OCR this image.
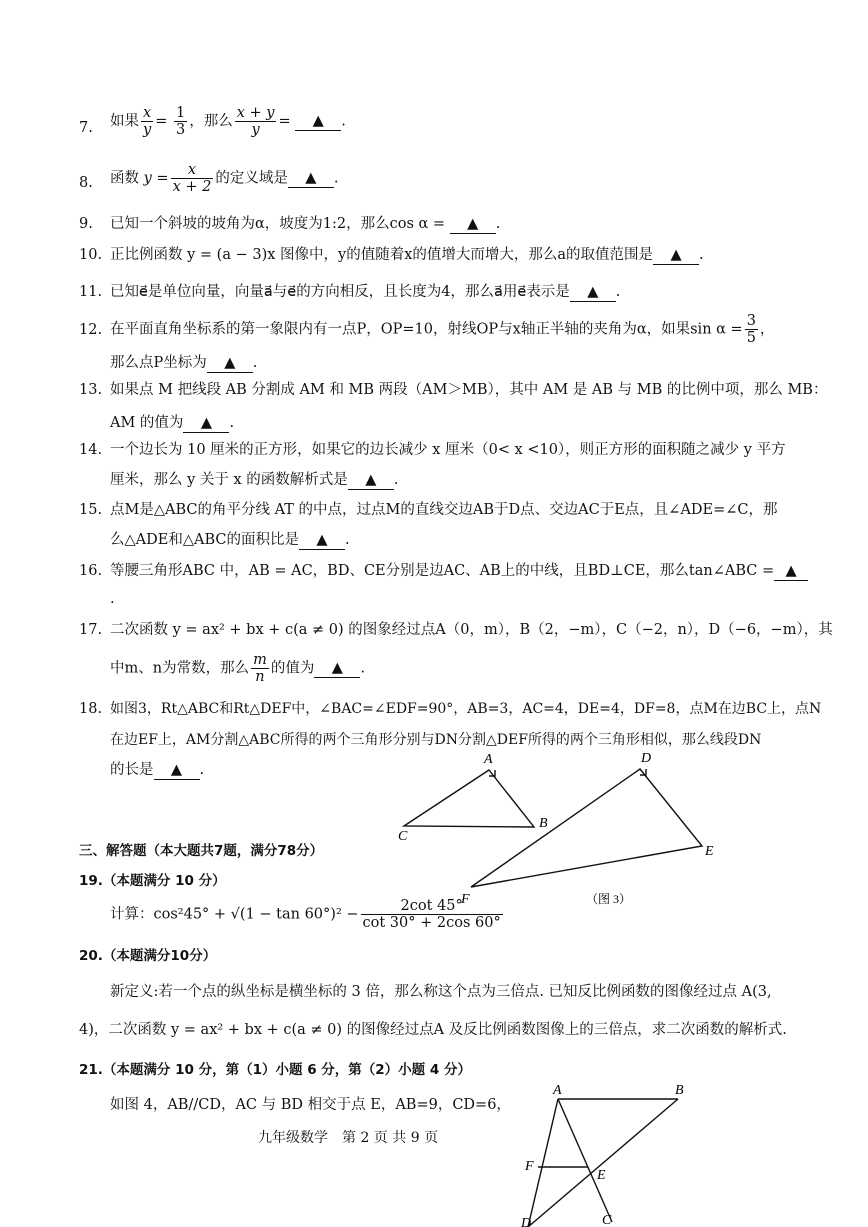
7. 如果 $\frac{x}{y} = \frac{1}{3}$ ，那么 $\frac{x + y}{y}$ = ▲ .
8. 函数 $y = \frac{x}{x + 2}$ 的定义域是 ▲ .
9. 已知一个斜坡的坡角为α，坡度为1:2，那么cos α = ▲ .
10. 正比例函数 y = (a − 3)x 图像中，y的值随着x的值增大而增大，那么a的取值范围是 ▲ .
11. 已知e⃗是单位向量，向量a⃗与e⃗的方向相反，且长度为4，那么a⃗用e⃗表示是 ▲ .
12. 在平面直角坐标系的第一象限内有一点P，OP=10，射线OP与x轴正半轴的夹角为α，如果$\sin \alpha = \frac{3}{5}$ ，
那么点P坐标为 ▲ .
13. 如果点 M 把线段 AB 分割成 AM 和 MB 两段（AM＞MB），其中 AM 是 AB 与 MB 的比例中项，那么 MB：
AM 的值为 ▲ .
14. 一个边长为 10 厘米的正方形，如果它的边长减少 x 厘米（0< x <10），则正方形的面积随之减少 y 平方
厘米，那么 y 关于 x 的函数解析式是 ▲ .
15. 点M是△ABC的角平分线 AT 的中点，过点M的直线交边AB于D点、交边AC于E点，且∠ADE=∠C，那
么△ADE和△ABC的面积比是 ▲ .
16. 等腰三角形ABC 中，AB = AC，BD、CE分别是边AC、AB上的中线，且BD⊥CE，那么tan∠ABC = ▲
.
17. 二次函数 y = ax² + bx + c(a ≠ 0) 的图象经过点A（0，m），B（2，−m），C（−2，n），D（−6，−m），其
中m、n为常数，那么 $\frac{m}{n}$ 的值为 ▲ .
18. 如图3，Rt△ABC和Rt△DEF中，∠BAC=∠EDF=90°，AB=3，AC=4，DE=4，DF=8，点M在边BC上，点N
在边EF上，AM分割△ABC所得的两个三角形分别与DN分割△DEF所得的两个三角形相似，那么线段DN
的长是 ▲ .
A
B
C
D
E
F	（图 3）
A	B
F
E
D	C
三、解答题（本大题共7题，满分78分）
19.（本题满分 10 分）
计算：$\cos^245^\circ + √(1 - \tan 60^\circ)^2 - \frac{2\cot 45^\circ}{\cot 30^\circ + 2\cos 60^\circ}$
20.（本题满分10分）
新定义:若一个点的纵坐标是横坐标的 3 倍，那么称这个点为三倍点. 已知反比例函数的图像经过点 A(3,
4)，二次函数 y = ax² + bx + c(a ≠ 0) 的图像经过点A 及反比例函数图像上的三倍点，求二次函数的解析式.
21.（本题满分 10 分，第（1）小题 6 分，第（2）小题 4 分）
如图 4，AB//CD，AC 与 BD 相交于点 E，AB=9，CD=6，
九年级数学　第 2 页 共 9 页
